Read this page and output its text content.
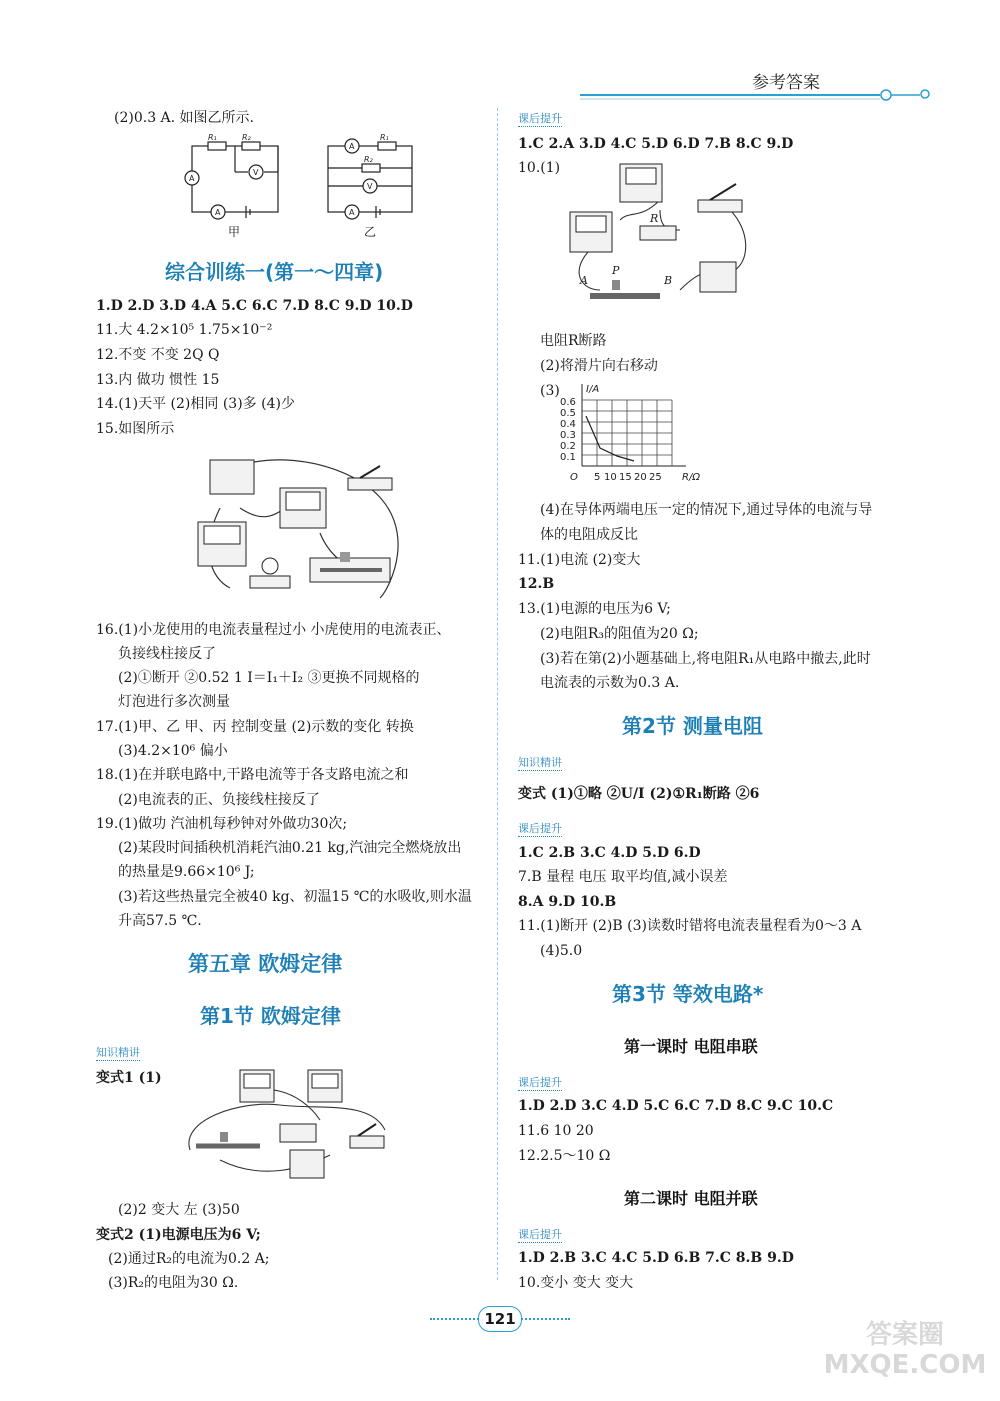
参考答案
(2)0.3 A. 如图乙所示.
R₁	R₂
V
A
A
甲
A
R₁
R₂
V
A
乙
综合训练一(第一～四章)
1.D 2.D 3.D 4.A 5.C 6.C 7.D 8.C 9.D 10.D
11.大 4.2×10⁵ 1.75×10⁻²
12.不变 不变 2Q Q
13.内 做功 惯性 15
14.(1)天平 (2)相同 (3)多 (4)少
15.如图所示
16.(1)小龙使用的电流表量程过小 小虎使用的电流表正、
负接线柱接反了
(2)①断开 ②0.52 1 I＝I₁＋I₂ ③更换不同规格的
灯泡进行多次测量
17.(1)甲、乙 甲、丙 控制变量 (2)示数的变化 转换
(3)4.2×10⁶ 偏小
18.(1)在并联电路中,干路电流等于各支路电流之和
(2)电流表的正、负接线柱接反了
19.(1)做功 汽油机每秒钟对外做功30次;
(2)某段时间插秧机消耗汽油0.21 kg,汽油完全燃烧放出
的热量是9.66×10⁶ J;
(3)若这些热量完全被40 kg、初温15 ℃的水吸收,则水温
升高57.5 ℃.
第五章 欧姆定律
第1节 欧姆定律
知识精讲
变式1 (1)
(2)2 变大 左 (3)50
变式2 (1)电源电压为6 V;
(2)通过R₂的电流为0.2 A;
(3)R₂的电阻为30 Ω.
课后提升
1.C 2.A 3.D 4.C 5.D 6.D 7.B 8.C 9.D
10.(1)
R
A
P
B
电阻R断路
(2)将滑片向右移动
(3)	I/A
O	R/Ω
0.6
0.5
0.4
0.3
0.2
0.1
5 10 15 20 25
(4)在导体两端电压一定的情况下,通过导体的电流与导
体的电阻成反比
11.(1)电流 (2)变大
12.B
13.(1)电源的电压为6 V;
(2)电阻R₃的阻值为20 Ω;
(3)若在第(2)小题基础上,将电阻R₁从电路中撤去,此时
电流表的示数为0.3 A.
第2节 测量电阻
知识精讲
变式 (1)①略 ②U/I (2)①R₁断路 ②6
课后提升
1.C 2.B 3.C 4.D 5.D 6.D
7.B 量程 电压 取平均值,减小误差
8.A 9.D 10.B
11.(1)断开 (2)B (3)读数时错将电流表量程看为0～3 A
(4)5.0
第3节 等效电路*
第一课时 电阻串联
课后提升
1.D 2.D 3.C 4.D 5.C 6.C 7.D 8.C 9.C 10.C
11.6 10 20
12.2.5～10 Ω
第二课时 电阻并联
课后提升
1.D 2.B 3.C 4.C 5.D 6.B 7.C 8.B 9.D
10.变小 变大 变大
121
答案圈 MXQE.COM
